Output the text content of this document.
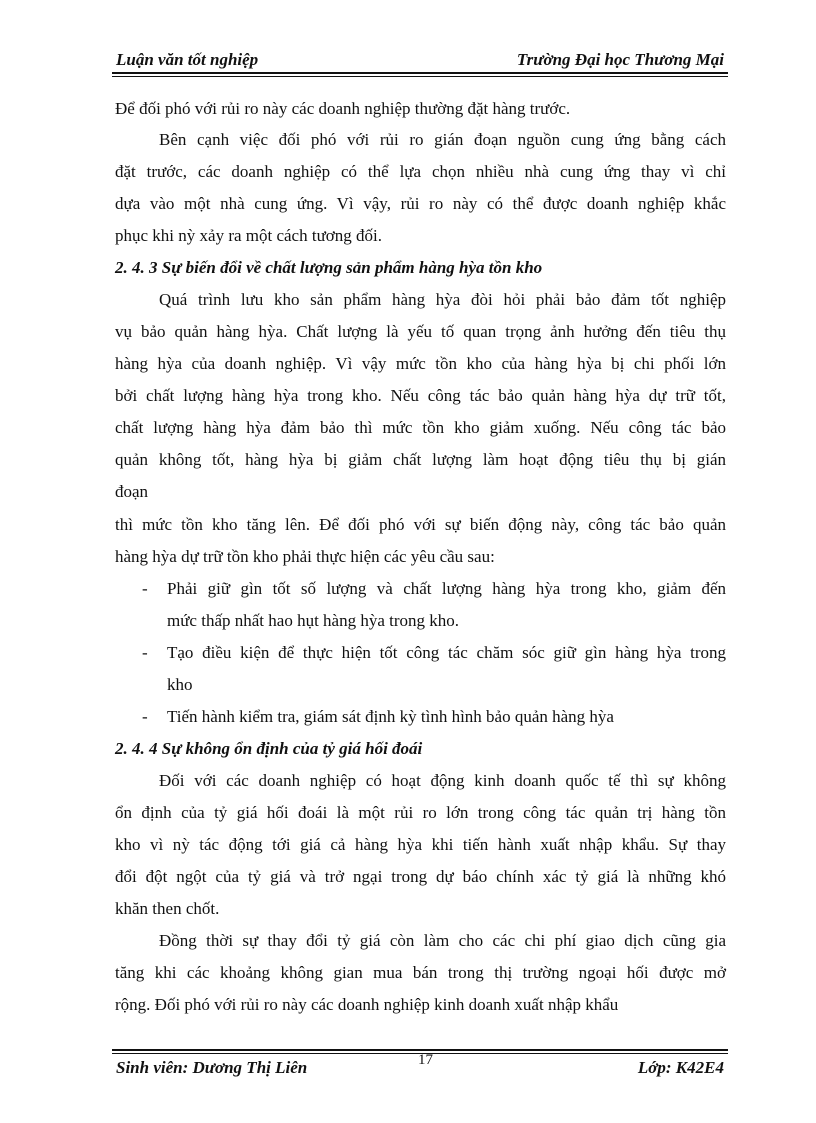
Luận văn tốt nghiệp	Trường Đại học Thương Mại
Để đối phó với rủi ro này các doanh nghiệp thường đặt hàng trước.
Bên cạnh việc đối phó với rủi ro gián đoạn nguồn cung ứng bằng cách
đặt trước, các doanh nghiệp có thể lựa chọn nhiều nhà cung ứng thay vì chỉ
dựa vào một nhà cung ứng. Vì vậy, rủi ro này có thể được doanh nghiệp khắc
phục khi nỳ xảy ra một cách tương đối.
2. 4. 3 Sự biến đổi về chất lượng sản phẩm hàng hỳa tồn kho
Quá trình lưu kho sản phẩm hàng hỳa đòi hỏi phải bảo đảm tốt nghiệp
vụ bảo quản hàng hỳa. Chất lượng là yếu tố quan trọng ảnh hưởng đến tiêu thụ
hàng hỳa của doanh nghiệp. Vì vậy mức tồn kho của hàng hỳa bị chi phối lớn
bởi chất lượng hàng hỳa trong kho. Nếu công tác bảo quản hàng hỳa dự trữ tốt,
chất lượng hàng hỳa đảm bảo thì mức tồn kho giảm xuống. Nếu công tác bảo
quản không tốt, hàng hỳa bị giảm chất lượng làm hoạt động tiêu thụ bị gián
đoạn
thì mức tồn kho tăng lên. Để đối phó với sự biến động này, công tác bảo quản
hàng hỳa dự trữ tồn kho phải thực hiện các yêu cầu sau:
- Phải giữ gìn tốt số lượng và chất lượng hàng hỳa trong kho, giảm đến
mức thấp nhất hao hụt hàng hỳa trong kho.
- Tạo điều kiện để thực hiện tốt công tác chăm sóc giữ gìn hàng hỳa trong
kho
- Tiến hành kiểm tra, giám sát định kỳ tình hình bảo quản hàng hỳa
2. 4. 4 Sự không ổn định của tỷ giá hối đoái
Đối với các doanh nghiệp có hoạt động kinh doanh quốc tế thì sự không
ổn định của tỷ giá hối đoái là một rủi ro lớn trong công tác quản trị hàng tồn
kho vì nỳ tác động tới giá cả hàng hỳa khi tiến hành xuất nhập khẩu. Sự thay
đổi đột ngột của tỷ giá và trở ngại trong dự báo chính xác tỷ giá là những khó
khăn then chốt.
Đồng thời sự thay đổi tỷ giá còn làm cho các chi phí giao dịch cũng gia
tăng khi các khoảng không gian mua bán trong thị trường ngoại hối được mở
rộng. Đối phó với rủi ro này các doanh nghiệp kinh doanh xuất nhập khẩu
Sinh viên: Dương Thị Liên	17	Lớp: K42E4
